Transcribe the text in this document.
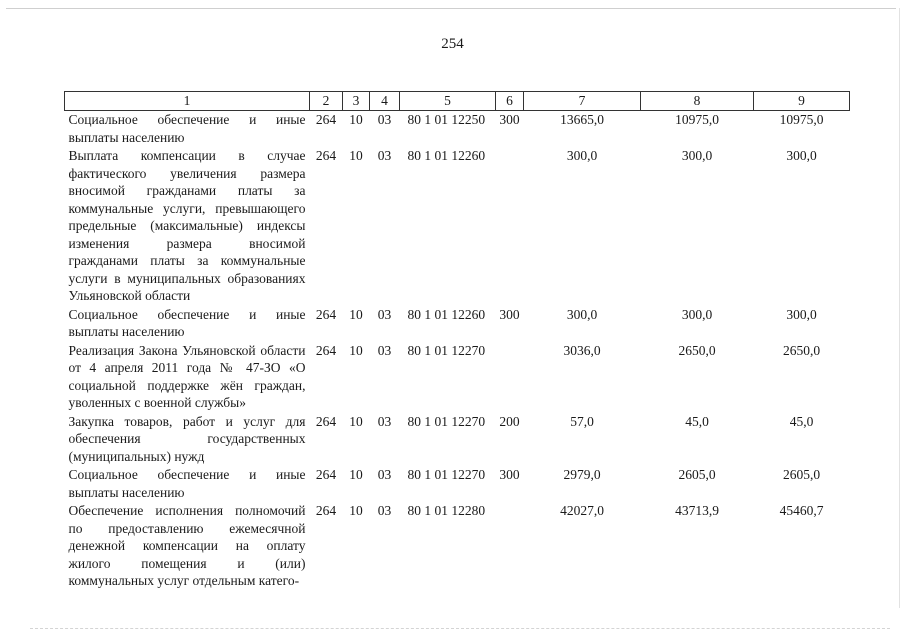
254
1	2	3	4	5	6	7	8	9
Социальное обеспечение и иные выплаты населению	264	10	03	80 1 01 12250	300	13665,0	10975,0	10975,0
Выплата компенсации в случае фактического увеличения размера вносимой гражданами платы за коммунальные услуги, превышающего предельные (максимальные) индексы изменения размера вносимой гражданами платы за коммунальные услуги в муниципальных образованиях Ульяновской области	264	10	03	80 1 01 12260		300,0	300,0	300,0
Социальное обеспечение и иные выплаты населению	264	10	03	80 1 01 12260	300	300,0	300,0	300,0
Реализация Закона Ульяновской области от 4 апреля 2011 года № 47-ЗО «О социальной поддержке жён граждан, уволенных с военной службы»	264	10	03	80 1 01 12270		3036,0	2650,0	2650,0
Закупка товаров, работ и услуг для обеспечения государственных (муниципальных) нужд	264	10	03	80 1 01 12270	200	57,0	45,0	45,0
Социальное обеспечение и иные выплаты населению	264	10	03	80 1 01 12270	300	2979,0	2605,0	2605,0
Обеспечение исполнения полномочий по предоставлению ежемесячной денежной компенсации на оплату жилого помещения и (или) коммунальных услуг отдельным катего-	264	10	03	80 1 01 12280		42027,0	43713,9	45460,7
